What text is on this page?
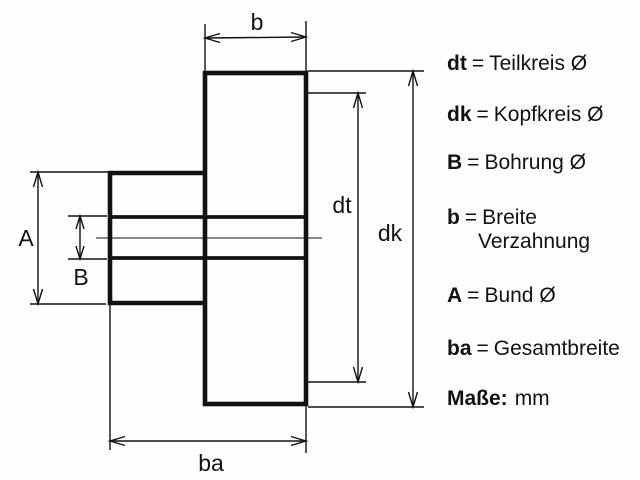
b
dt
dk
A
B
ba
dt = Teilkreis Ø
dk = Kopfkreis Ø
B = Bohrung Ø
b = Breite
Verzahnung
A = Bund Ø
ba = Gesamtbreite
Maße: mm
